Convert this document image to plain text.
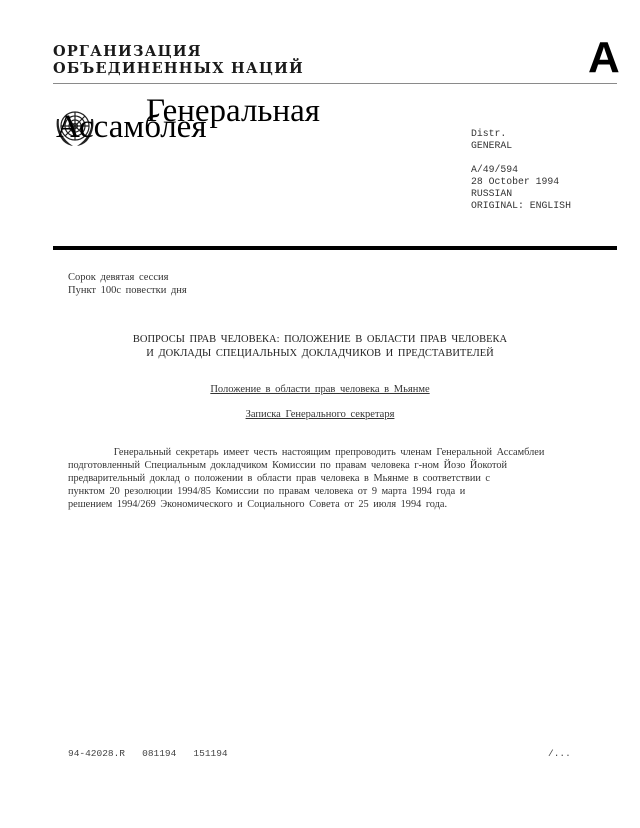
ОРГАНИЗАЦИЯ
ОБЪЕДИНЕННЫХ НАЦИЙ	A
Генеральная
Ассамблея	Distr.
GENERAL
A/49/594
28 October 1994
RUSSIAN
ORIGINAL: ENGLISH
Сорок девятая сессия
Пункт 100с повестки дня
ВОПРОСЫ ПРАВ ЧЕЛОВЕКА: ПОЛОЖЕНИЕ В ОБЛАСТИ ПРАВ ЧЕЛОВЕКА
И ДОКЛАДЫ СПЕЦИАЛЬНЫХ ДОКЛАДЧИКОВ И ПРЕДСТАВИТЕЛЕЙ
Положение в области прав человека в Мьянме
Записка Генерального секретаря
Генеральный секретарь имеет честь настоящим препроводить членам Генеральной Ассамблеи
подготовленный Специальным докладчиком Комиссии по правам человека г-ном Йозо Йокотой
предварительный доклад о положении в области прав человека в Мьянме в соответствии с
пунктом 20 резолюции 1994/85 Комиссии по правам человека от 9 марта 1994 года и
решением 1994/269 Экономического и Социального Совета от 25 июля 1994 года.
94-42028.R   081194   151194	/...
